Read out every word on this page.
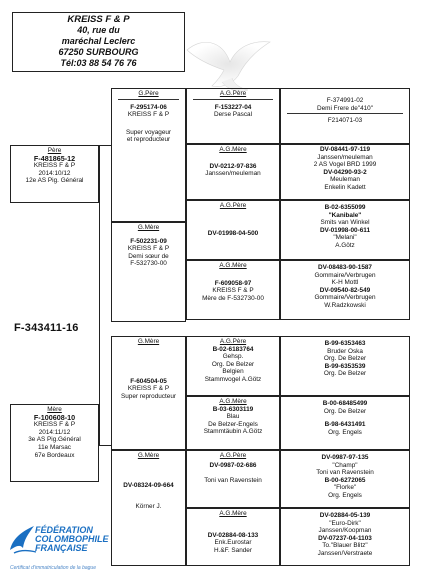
KREISS F & P
40, rue du
maréchal Leclerc
67250 SURBOURG
Tél:03 88 54 76 76
Père
F-481865-12
KREISS F & P
2014:10/12
12e AS Pig. Général
F-343411-16
Mère
F-100608-10
KREISS F & P
2014:11/12
3e AS Pig.Général
11e Marsac
67e Bordeaux
G.Père
F-295174-06
KREISS F & P
Super voyageur
et reproducteur
G.Mère
F-502231-09
KREISS F & P
Demi sœur de
F-532730-00
G.Mère
F-604504-05
KREISS F & P
Super reproducteur
G.Mère
DV-08324-09-664
Körner J.
A.G.Père
F-153227-04
Derse Pascal
A.G.Mère
DV-0212-97-836
Janssen/meuleman
A.G.Père
DV-01998-04-500
A.G.Mère
F-609058-97
KREISS F & P
Mère de F-532730-00
A.G.Père
B-02-6183764
Gehsp.
Org. De Belzer
Belgien
Stammvogel A.Götz
A.G.Mère
B-03-6303119
Blau
De Belzer-Engels
Stammtäubin A.Götz
A.G.Père
DV-0987-02-686
Toni van Ravenstein
A.G.Mère
DV-02884-08-133
Enk.Eurostar
H.&F. Sander
F-374991-02
Demi Frere de"410"
F214071-03
DV-08441-97-119
Janssen/meuleman
2 AS Vogel BRD 1999
DV-04290-93-2
Meuleman
Enkelin Kadett
B-02-6355099
"Kanibale"
Smits van Winkel
DV-01998-00-611
"Melani"
A.Götz
DV-08483-90-1587
Gommaire/Verbrugen
K-H Mottl
DV-09540-82-549
Gommaire/Verbrugen
W.Radzkowski
B-99-6353463
Bruder Oska
Org. De Belzer
B-99-6353539
Org. De Belzer
B-00-68485499
Org. De Belzer
B-98-6431491
Org. Engels
DV-0987-97-135
"Champ"
Toni van Ravenstein
B-00-6272065
"Florke"
Org. Engels
DV-02884-05-139
"Euro-Dirk"
Janssen/Koopman
DV-07237-04-1103
To."Blauer Blitz"
Janssen/Verstraete
FÉDÉRATION
COLOMBOPHILE
FRANÇAISE
Certificat d'immatriculation de la bague
